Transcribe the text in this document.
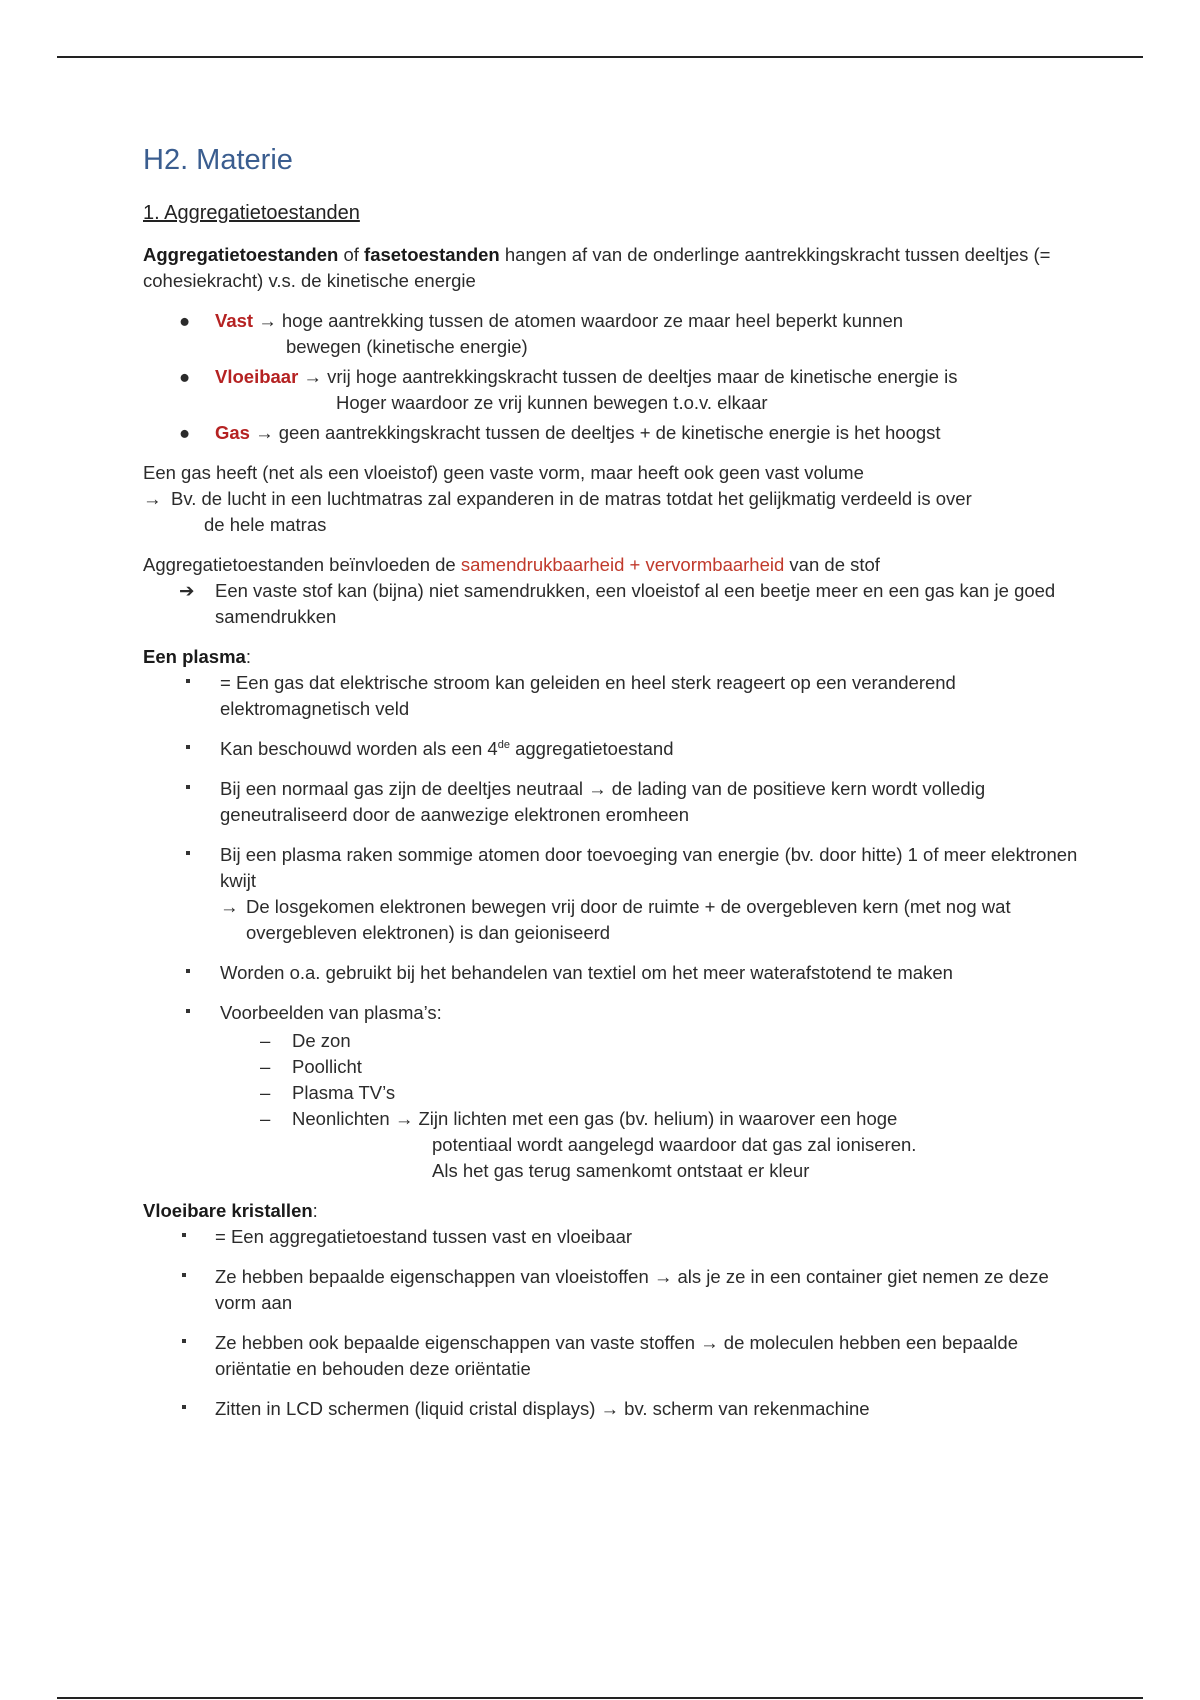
H2. Materie
1. Aggregatietoestanden

Aggregatietoestanden of fasetoestanden hangen af van de onderlinge aantrekkingskracht tussen deeltjes (= cohesiekracht) v.s. de kinetische energie

● Vast → hoge aantrekking tussen de atomen waardoor ze maar heel beperkt kunnen
bewegen (kinetische energie)
● Vloeibaar → vrij hoge aantrekkingskracht tussen de deeltjes maar de kinetische energie is
Hoger waardoor ze vrij kunnen bewegen t.o.v. elkaar
● Gas → geen aantrekkingskracht tussen de deeltjes + de kinetische energie is het hoogst

Een gas heeft (net als een vloeistof) geen vaste vorm, maar heeft ook geen vast volume

→ Bv. de lucht in een luchtmatras zal expanderen in de matras totdat het gelijkmatig verdeeld is over
de hele matras

Aggregatietoestanden beïnvloeden de samendrukbaarheid + vervormbaarheid van de stof

➔ Een vaste stof kan (bijna) niet samendrukken, een vloeistof al een beetje meer en een gas kan je goed samendrukken

Een plasma:

= Een gas dat elektrische stroom kan geleiden en heel sterk reageert op een veranderend elektromagnetisch veld
Kan beschouwd worden als een 4de aggregatietoestand
Bij een normaal gas zijn de deeltjes neutraal → de lading van de positieve kern wordt volledig geneutraliseerd door de aanwezige elektronen eromheen
Bij een plasma raken sommige atomen door toevoeging van energie (bv. door hitte) 1 of meer elektronen kwijt
→ De losgekomen elektronen bewegen vrij door de ruimte + de overgebleven kern (met nog wat overgebleven elektronen) is dan geioniseerd
Worden o.a. gebruikt bij het behandelen van textiel om het meer waterafstotend te maken
Voorbeelden van plasma’s:
– De zon
– Poollicht
– Plasma TV’s
– Neonlichten → Zijn lichten met een gas (bv. helium) in waarover een hoge
potentiaal wordt aangelegd waardoor dat gas zal ioniseren.
Als het gas terug samenkomt ontstaat er kleur

Vloeibare kristallen:

= Een aggregatietoestand tussen vast en vloeibaar
Ze hebben bepaalde eigenschappen van vloeistoffen → als je ze in een container giet nemen ze deze vorm aan
Ze hebben ook bepaalde eigenschappen van vaste stoffen → de moleculen hebben een bepaalde oriëntatie en behouden deze oriëntatie
Zitten in LCD schermen (liquid cristal displays) → bv. scherm van rekenmachine
